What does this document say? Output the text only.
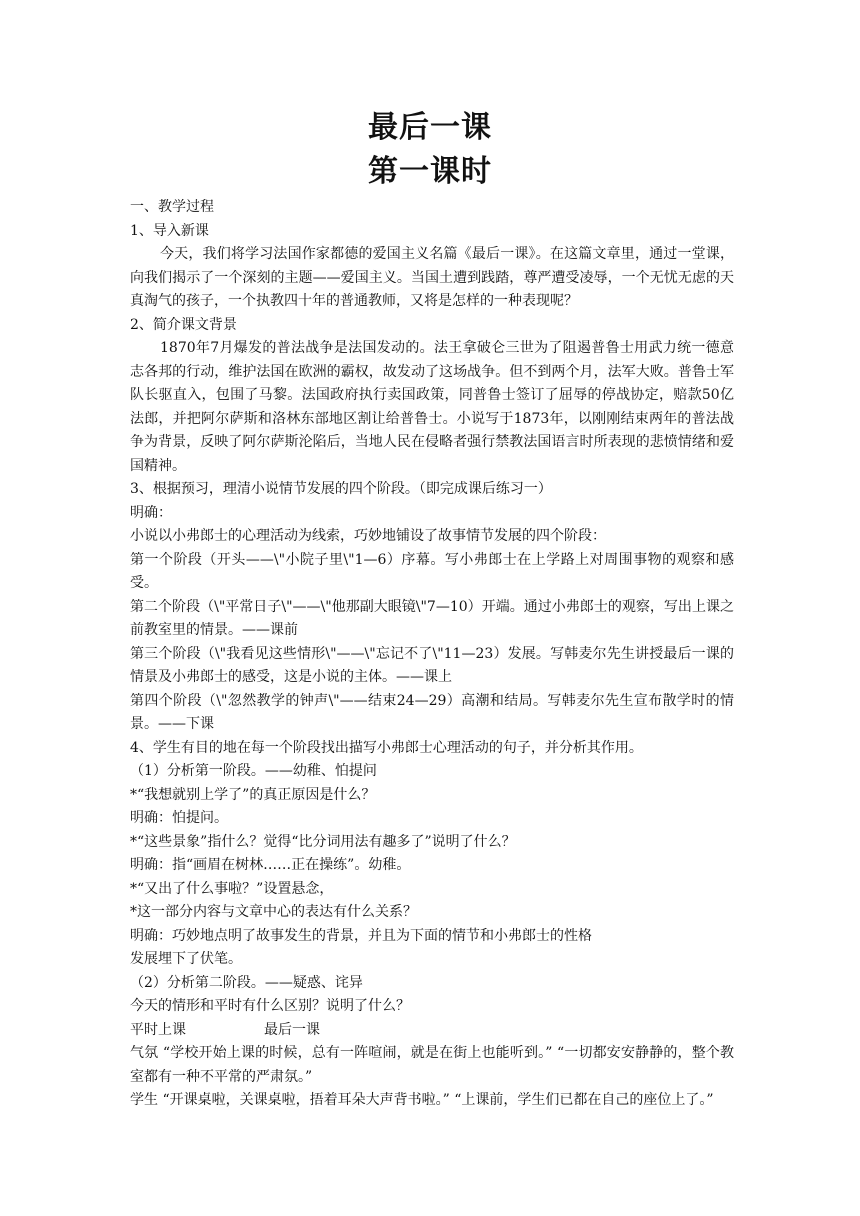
最后一课
第一课时

一、教学过程

1、导入新课

今天，我们将学习法国作家都德的爱国主义名篇《最后一课》。在这篇文章里，通过一堂课，向我们揭示了一个深刻的主题——爱国主义。当国土遭到践踏，尊严遭受凌辱，一个无忧无虑的天真淘气的孩子，一个执教四十年的普通教师，又将是怎样的一种表现呢？

2、简介课文背景

1870年7月爆发的普法战争是法国发动的。法王拿破仑三世为了阻遏普鲁士用武力统一德意志各邦的行动，维护法国在欧洲的霸权，故发动了这场战争。但不到两个月，法军大败。普鲁士军队长驱直入，包围了马黎。法国政府执行卖国政策，同普鲁士签订了屈辱的停战协定，赔款50亿法郎，并把阿尔萨斯和洛林东部地区割让给普鲁士。小说写于1873年，以刚刚结束两年的普法战争为背景，反映了阿尔萨斯沦陷后，当地人民在侵略者强行禁教法国语言时所表现的悲愤情绪和爱国精神。

3、根据预习，理清小说情节发展的四个阶段。（即完成课后练习一）

明确：

小说以小弗郎士的心理活动为线索，巧妙地铺设了故事情节发展的四个阶段：

第一个阶段（开头——\"小院子里\"1—6）序幕。写小弗郎士在上学路上对周围事物的观察和感受。

第二个阶段（\"平常日子\"——\"他那副大眼镜\"7—10）开端。通过小弗郎士的观察，写出上课之前教室里的情景。——课前

第三个阶段（\"我看见这些情形\"——\"忘记不了\"11—23）发展。写韩麦尔先生讲授最后一课的情景及小弗郎士的感受，这是小说的主体。——课上

第四个阶段（\"忽然教学的钟声\"——结束24—29）高潮和结局。写韩麦尔先生宣布散学时的情景。——下课

4、学生有目的地在每一个阶段找出描写小弗郎士心理活动的句子，并分析其作用。

（1）分析第一阶段。——幼稚、怕提问

*“我想就别上学了”的真正原因是什么？

明确：怕提问。

*“这些景象”指什么？觉得“比分词用法有趣多了”说明了什么？

明确：指“画眉在树林……正在操练”。幼稚。

*“又出了什么事啦？”设置悬念，

*这一部分内容与文章中心的表达有什么关系？

明确：巧妙地点明了故事发生的背景，并且为下面的情节和小弗郎士的性格

发展埋下了伏笔。

（2）分析第二阶段。——疑惑、诧异

今天的情形和平时有什么区别？说明了什么？

平时上课	最后一课

气氛 “学校开始上课的时候，总有一阵喧闹，就是在街上也能听到。” “一切都安安静静的，整个教室都有一种不平常的严肃氛。”

学生 “开课桌啦，关课桌啦，捂着耳朵大声背书啦。” “上课前，学生们已都在自己的座位上了。”
